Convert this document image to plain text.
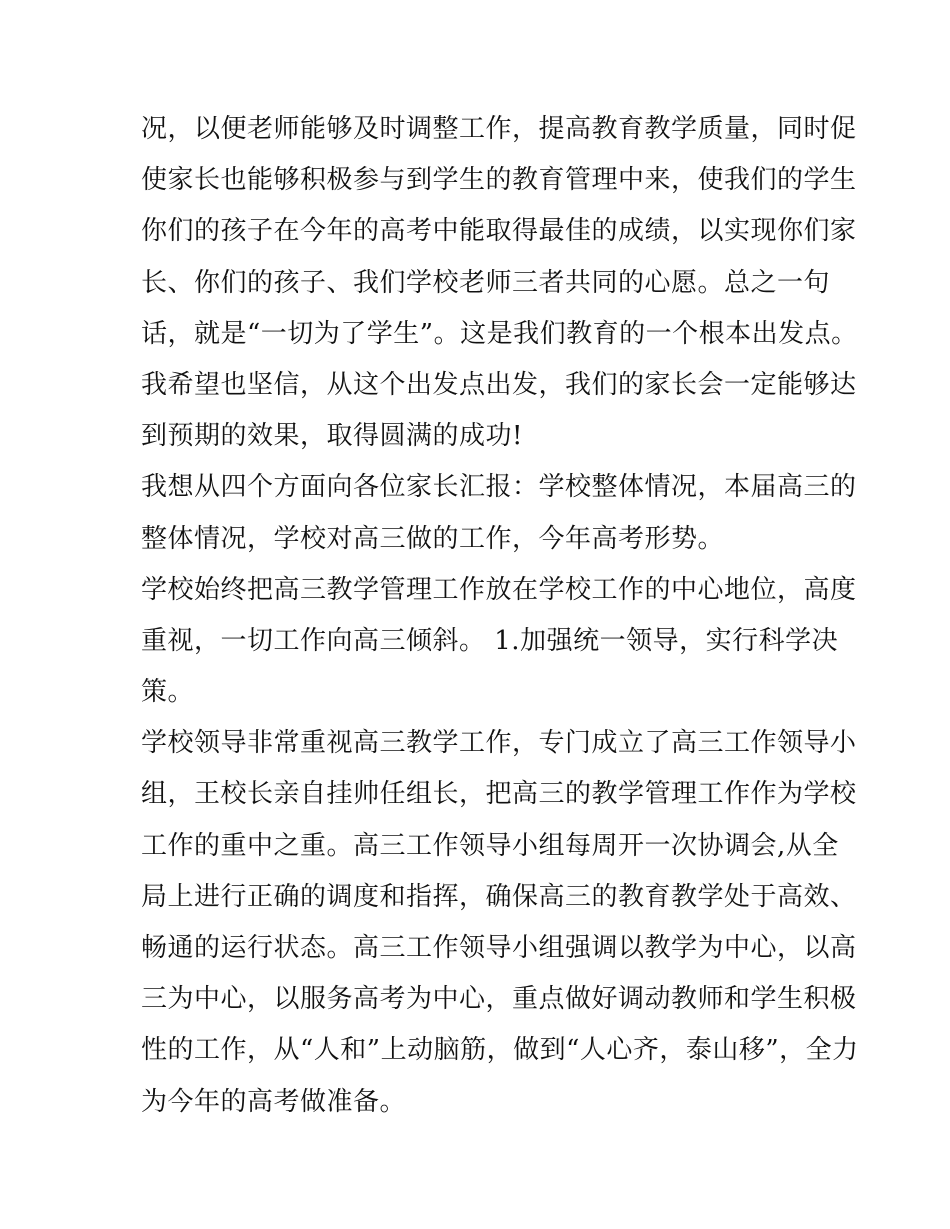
况，以便老师能够及时调整工作，提高教育教学质量，同时促
使家长也能够积极参与到学生的教育管理中来，使我们的学生
你们的孩子在今年的高考中能取得最佳的成绩，以实现你们家
长、你们的孩子、我们学校老师三者共同的心愿。总之一句
话，就是“一切为了学生”。这是我们教育的一个根本出发点。
我希望也坚信，从这个出发点出发，我们的家长会一定能够达
到预期的效果，取得圆满的成功!
我想从四个方面向各位家长汇报：学校整体情况，本届高三的
整体情况，学校对高三做的工作，今年高考形势。
学校始终把高三教学管理工作放在学校工作的中心地位，高度
重视，一切工作向高三倾斜。 1.加强统一领导，实行科学决
策。
学校领导非常重视高三教学工作，专门成立了高三工作领导小
组，王校长亲自挂帅任组长，把高三的教学管理工作作为学校
工作的重中之重。高三工作领导小组每周开一次协调会,从全
局上进行正确的调度和指挥，确保高三的教育教学处于高效、
畅通的运行状态。高三工作领导小组强调以教学为中心，以高
三为中心，以服务高考为中心，重点做好调动教师和学生积极
性的工作，从“人和”上动脑筋，做到“人心齐，泰山移”，全力
为今年的高考做准备。
